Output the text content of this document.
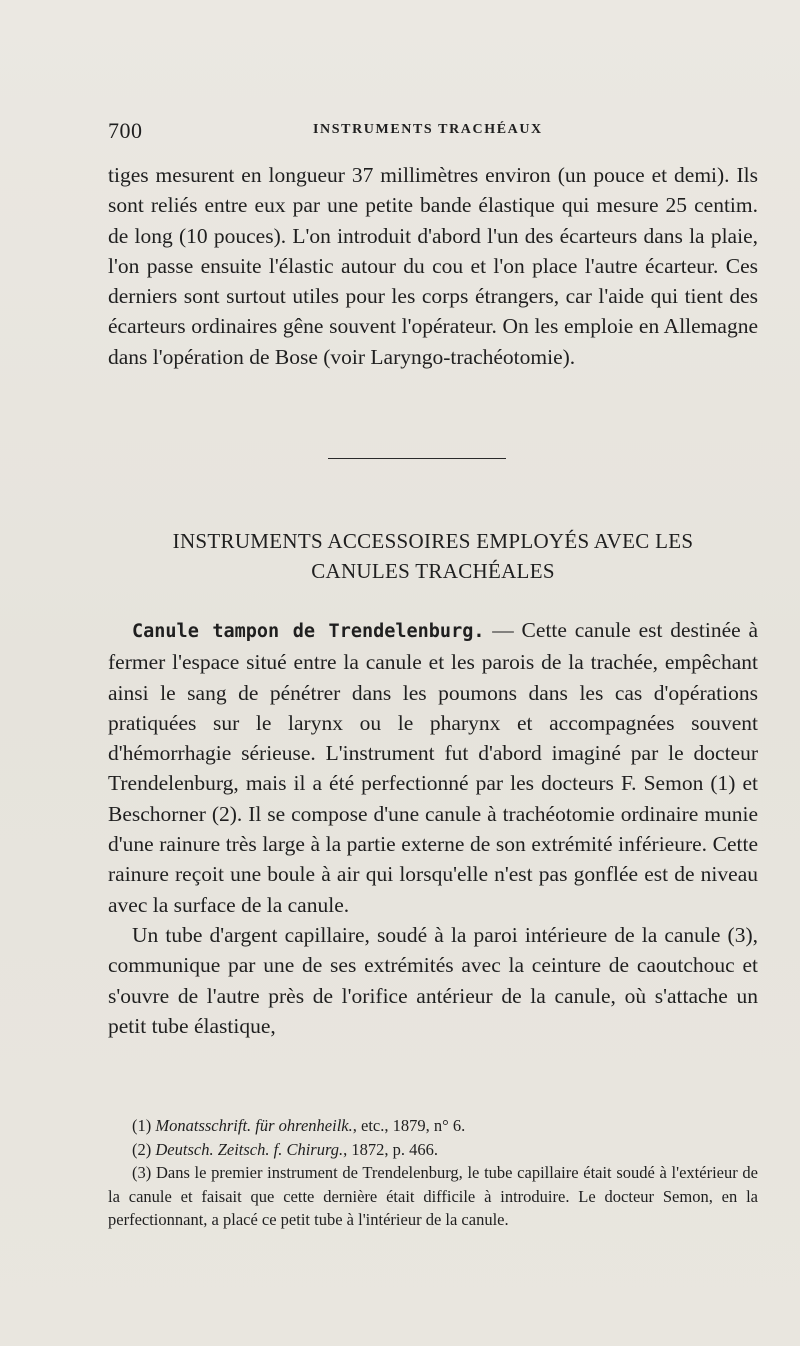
700	INSTRUMENTS TRACHÉAUX

tiges mesurent en longueur 37 millimètres environ (un pouce et demi). Ils sont reliés entre eux par une petite bande élastique qui mesure 25 centim. de long (10 pouces). L'on introduit d'abord l'un des écarteurs dans la plaie, l'on passe ensuite l'élastic autour du cou et l'on place l'autre écarteur. Ces derniers sont surtout utiles pour les corps étrangers, car l'aide qui tient des écarteurs ordinaires gêne souvent l'opérateur. On les emploie en Allemagne dans l'opération de Bose (voir Laryngo-trachéotomie).

INSTRUMENTS ACCESSOIRES EMPLOYÉS AVEC LES
CANULES TRACHÉALES

Canule tampon de Trendelenburg. — Cette canule est destinée à fermer l'espace situé entre la canule et les parois de la trachée, empêchant ainsi le sang de pénétrer dans les poumons dans les cas d'opérations pratiquées sur le larynx ou le pharynx et accompagnées souvent d'hémorrhagie sérieuse. L'instrument fut d'abord imaginé par le docteur Trendelenburg, mais il a été perfectionné par les docteurs F. Semon (1) et Beschorner (2). Il se compose d'une canule à trachéotomie ordinaire munie d'une rainure très large à la partie externe de son extrémité inférieure. Cette rainure reçoit une boule à air qui lorsqu'elle n'est pas gonflée est de niveau avec la surface de la canule.

Un tube d'argent capillaire, soudé à la paroi intérieure de la canule (3), communique par une de ses extrémités avec la ceinture de caoutchouc et s'ouvre de l'autre près de l'orifice antérieur de la canule, où s'attache un petit tube élastique,

(1) Monatsschrift. für ohrenheilk., etc., 1879, n° 6.

(2) Deutsch. Zeitsch. f. Chirurg., 1872, p. 466.

(3) Dans le premier instrument de Trendelenburg, le tube capillaire était soudé à l'extérieur de la canule et faisait que cette dernière était difficile à introduire. Le docteur Semon, en la perfectionnant, a placé ce petit tube à l'intérieur de la canule.
